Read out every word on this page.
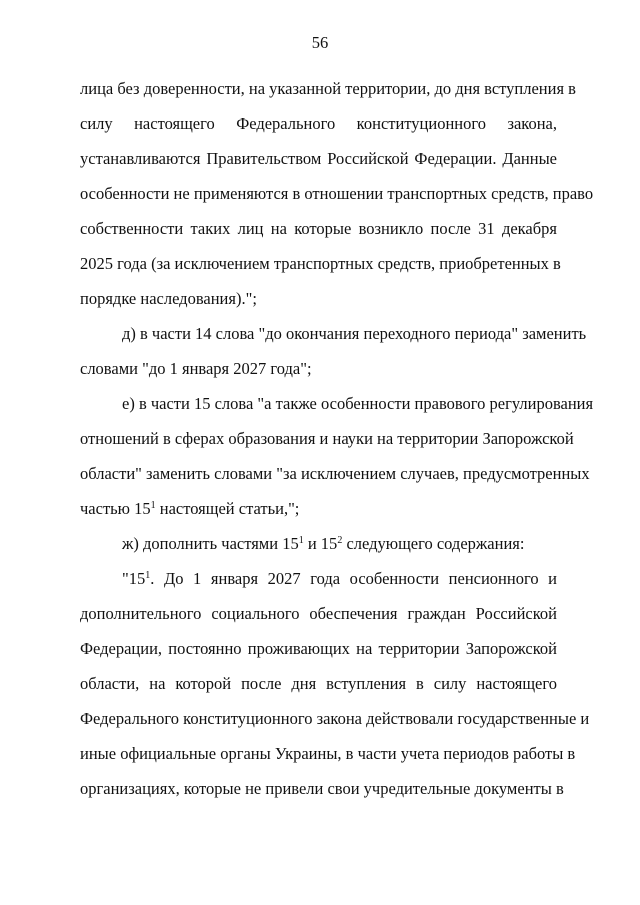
56
лица без доверенности, на указанной территории, до дня вступления в
силу настоящего Федерального конституционного закона,
устанавливаются Правительством Российской Федерации. Данные
особенности не применяются в отношении транспортных средств, право
собственности таких лиц на которые возникло после 31 декабря
2025 года (за исключением транспортных средств, приобретенных в
порядке наследования).";
д) в части 14 слова "до окончания переходного периода" заменить
словами "до 1 января 2027 года";
е) в части 15 слова "а также особенности правового регулирования
отношений в сферах образования и науки на территории Запорожской
области" заменить словами "за исключением случаев, предусмотренных
частью $15^1$ настоящей статьи,";
ж) дополнить частями $15^1$ и $15^2$ следующего содержания:
"$15^1$. До 1 января 2027 года особенности пенсионного и
дополнительного социального обеспечения граждан Российской
Федерации, постоянно проживающих на территории Запорожской
области, на которой после дня вступления в силу настоящего
Федерального конституционного закона действовали государственные и
иные официальные органы Украины, в части учета периодов работы в
организациях, которые не привели свои учредительные документы в
